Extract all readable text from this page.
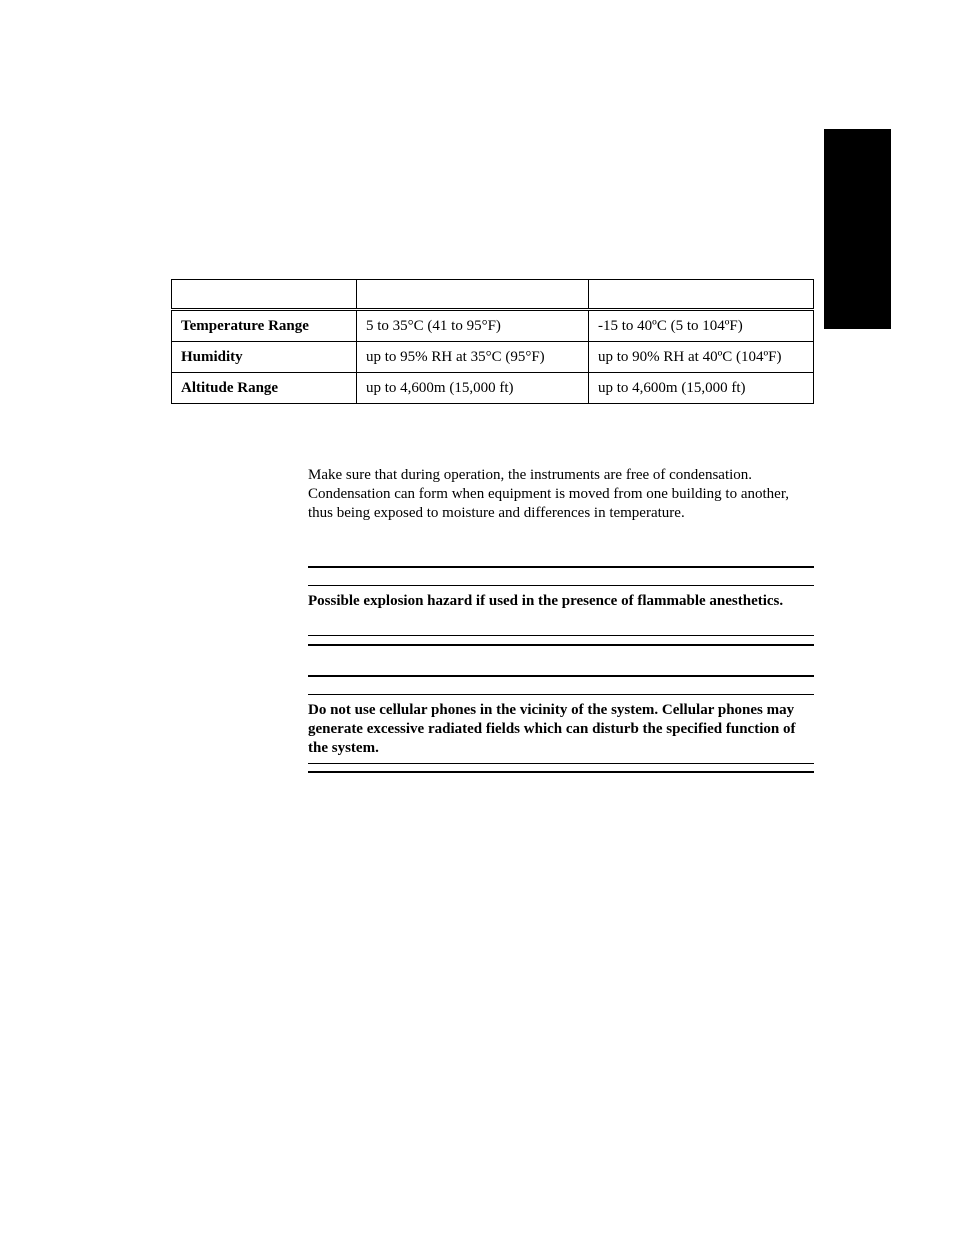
Temperature Range	5 to 35°C (41 to 95°F)	-15 to 40ºC (5 to 104ºF)
Humidity	up to 95% RH at 35°C (95°F)	up to 90% RH at 40ºC (104ºF)
Altitude Range	up to 4,600m (15,000 ft)	up to 4,600m (15,000 ft)

Make sure that during operation, the instruments are free of condensation. Condensation can form when equipment is moved from one building to another, thus being exposed to moisture and differences in temperature.

Possible explosion hazard if used in the presence of flammable anesthetics.

Do not use cellular phones in the vicinity of the system. Cellular phones may generate excessive radiated fields which can disturb the specified function of the system.
